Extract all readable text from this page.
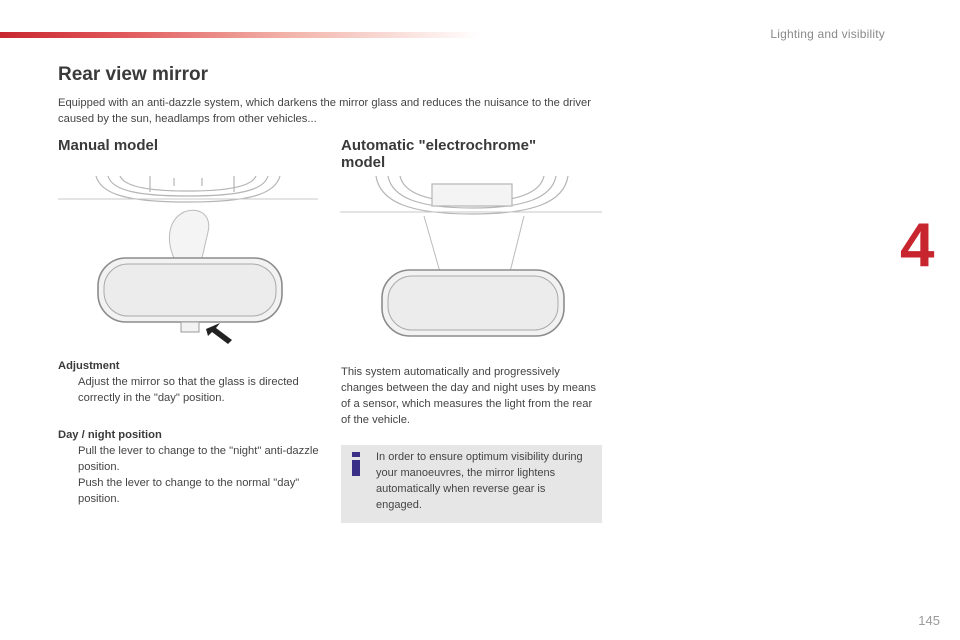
Lighting and visibility
4
Rear view mirror

Equipped with an anti-dazzle system, which darkens the mirror glass and reduces the nuisance to the driver caused by the sun, headlamps from other vehicles...

Manual model	Automatic "electrochrome" model
Adjustment
Adjust the mirror so that the glass is directed correctly in the "day" position.
Day / night position
Pull the lever to change to the "night" anti-dazzle position.
Push the lever to change to the normal "day" position.

This system automatically and progressively changes between the day and night uses by means of a sensor, which measures the light from the rear of the vehicle.

In order to ensure optimum visibility during your manoeuvres, the mirror lightens automatically when reverse gear is engaged.

145
